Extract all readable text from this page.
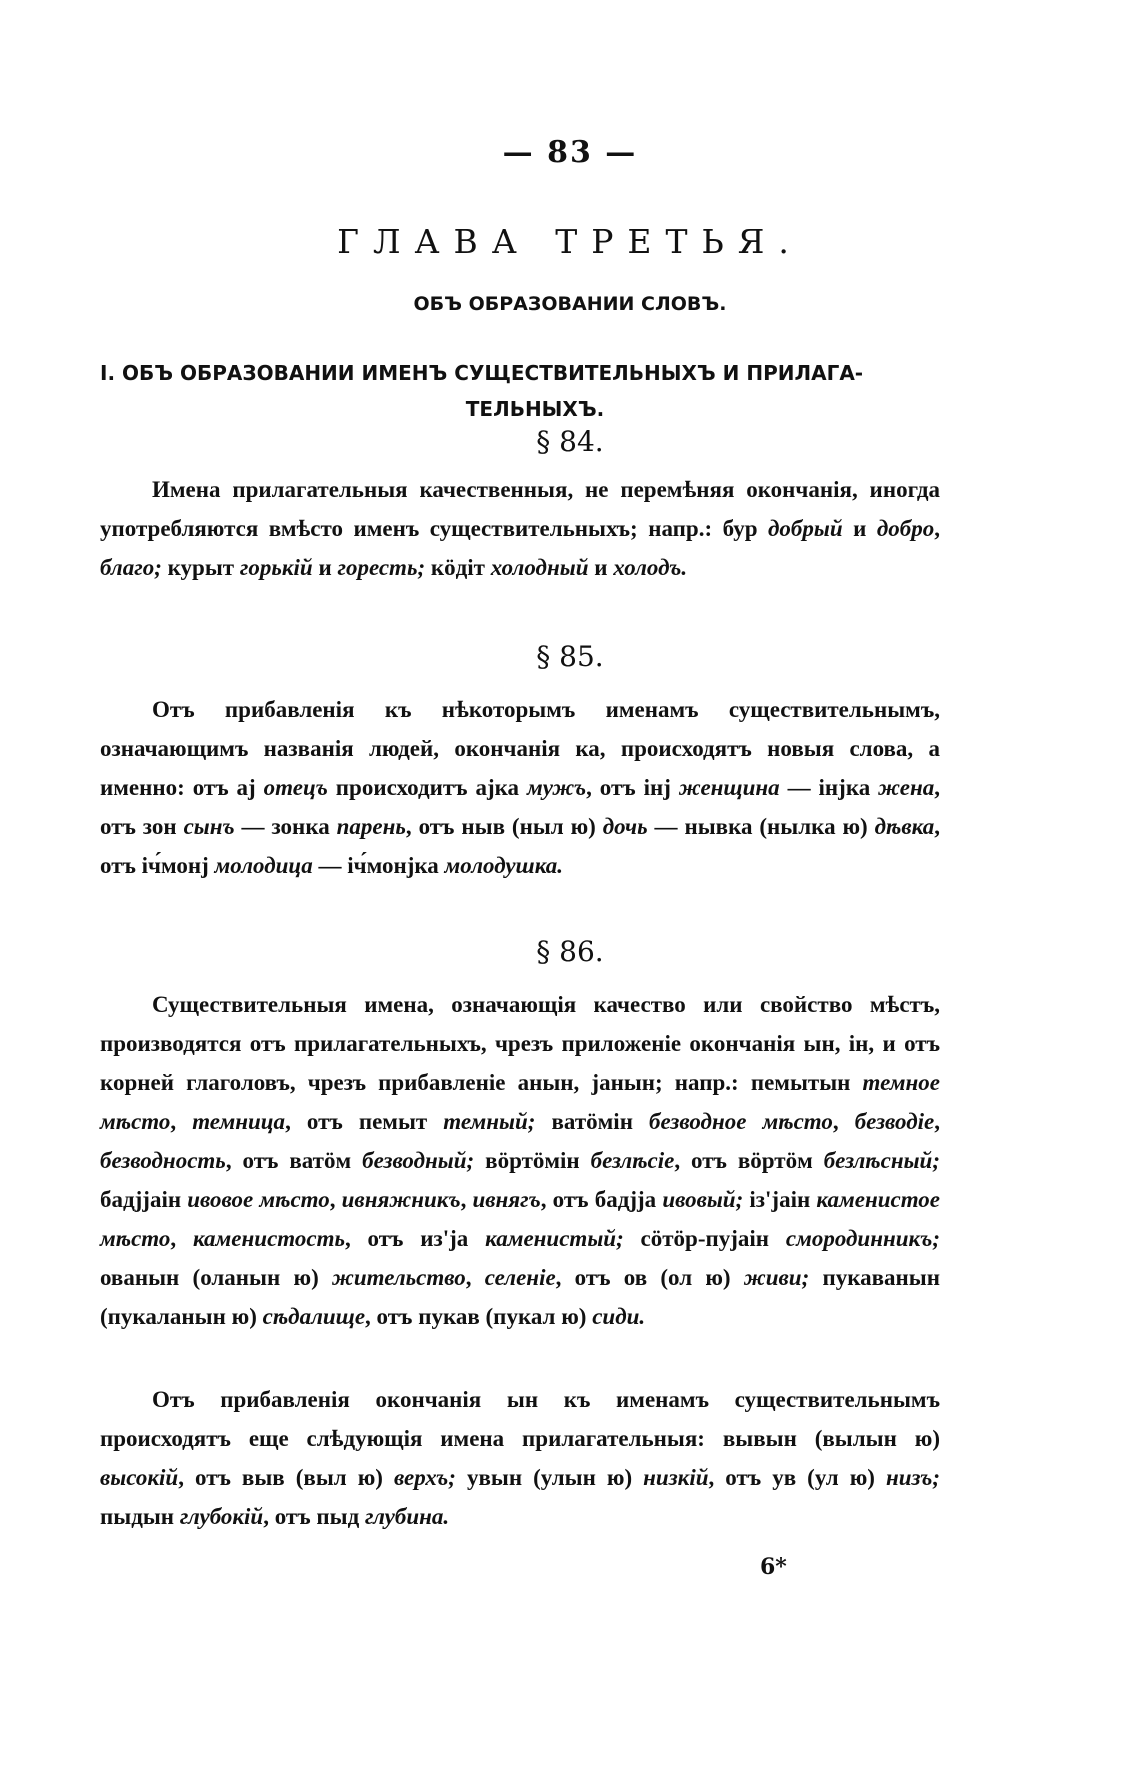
— 83 —
ГЛАВА ТРЕТЬЯ.
ОБЪ ОБРАЗОВАНИИ СЛОВЪ.
I. ОБЪ ОБРАЗОВАНИИ ИМЕНЪ СУЩЕСТВИТЕЛЬНЫХЪ И ПРИЛАГА-
ТЕЛЬНЫХЪ.
§ 84.
Имена прилагательныя качественныя, не перемѣняя окончанія, иногда употребляются вмѣсто именъ существительныхъ; напр.: бур добрый и добро, благо; курыт горькій и горесть; кӧдіт холодный и холодъ.
§ 85.
Отъ прибавленія къ нѣкоторымъ именамъ существительнымъ, означающимъ названія людей, окончанія ка, происходятъ новыя слова, а именно: отъ ај отецъ происходитъ ајка мужъ, отъ інј женщина — інјка жена, отъ зон сынъ — зонка парень, отъ ныв (ныл ю) дочь — нывка (нылка ю) дѣвка, отъ іч́монј молодица — іч́монјка молодушка.
§ 86.
Существительныя имена, означающія качество или свойство мѣстъ, производятся отъ прилагательныхъ, чрезъ приложеніе окончанія ын, ін, и отъ корней глаголовъ, чрезъ прибавленіе анын, јанын; напр.: пемытын темное мѣсто, темница, отъ пемыт темный; ватӧмін безводное мѣсто, безводіе, безводность, отъ ватӧм безводный; вӧртӧмін безлѣсіе, отъ вӧртӧм безлѣсный; бадјјаін ивовое мѣсто, ивняжникъ, ивнягъ, отъ бадјја ивовый; із'јаін каменистое мѣсто, каменистость, отъ из'ја каменистый; сӧтӧр-пујаін смородинникъ; ованын (оланын ю) жительство, селеніе, отъ ов (ол ю) живи; пукаванын (пукаланын ю) сѣдалище, отъ пукав (пукал ю) сиди.
Отъ прибавленія окончанія ын къ именамъ существительнымъ происходятъ еще слѣдующія имена прилагательныя: вывын (вылын ю) высокій, отъ выв (выл ю) верхъ; увын (улын ю) низкій, отъ ув (ул ю) низъ; пыдын глубокій, отъ пыд глубина.
6*
